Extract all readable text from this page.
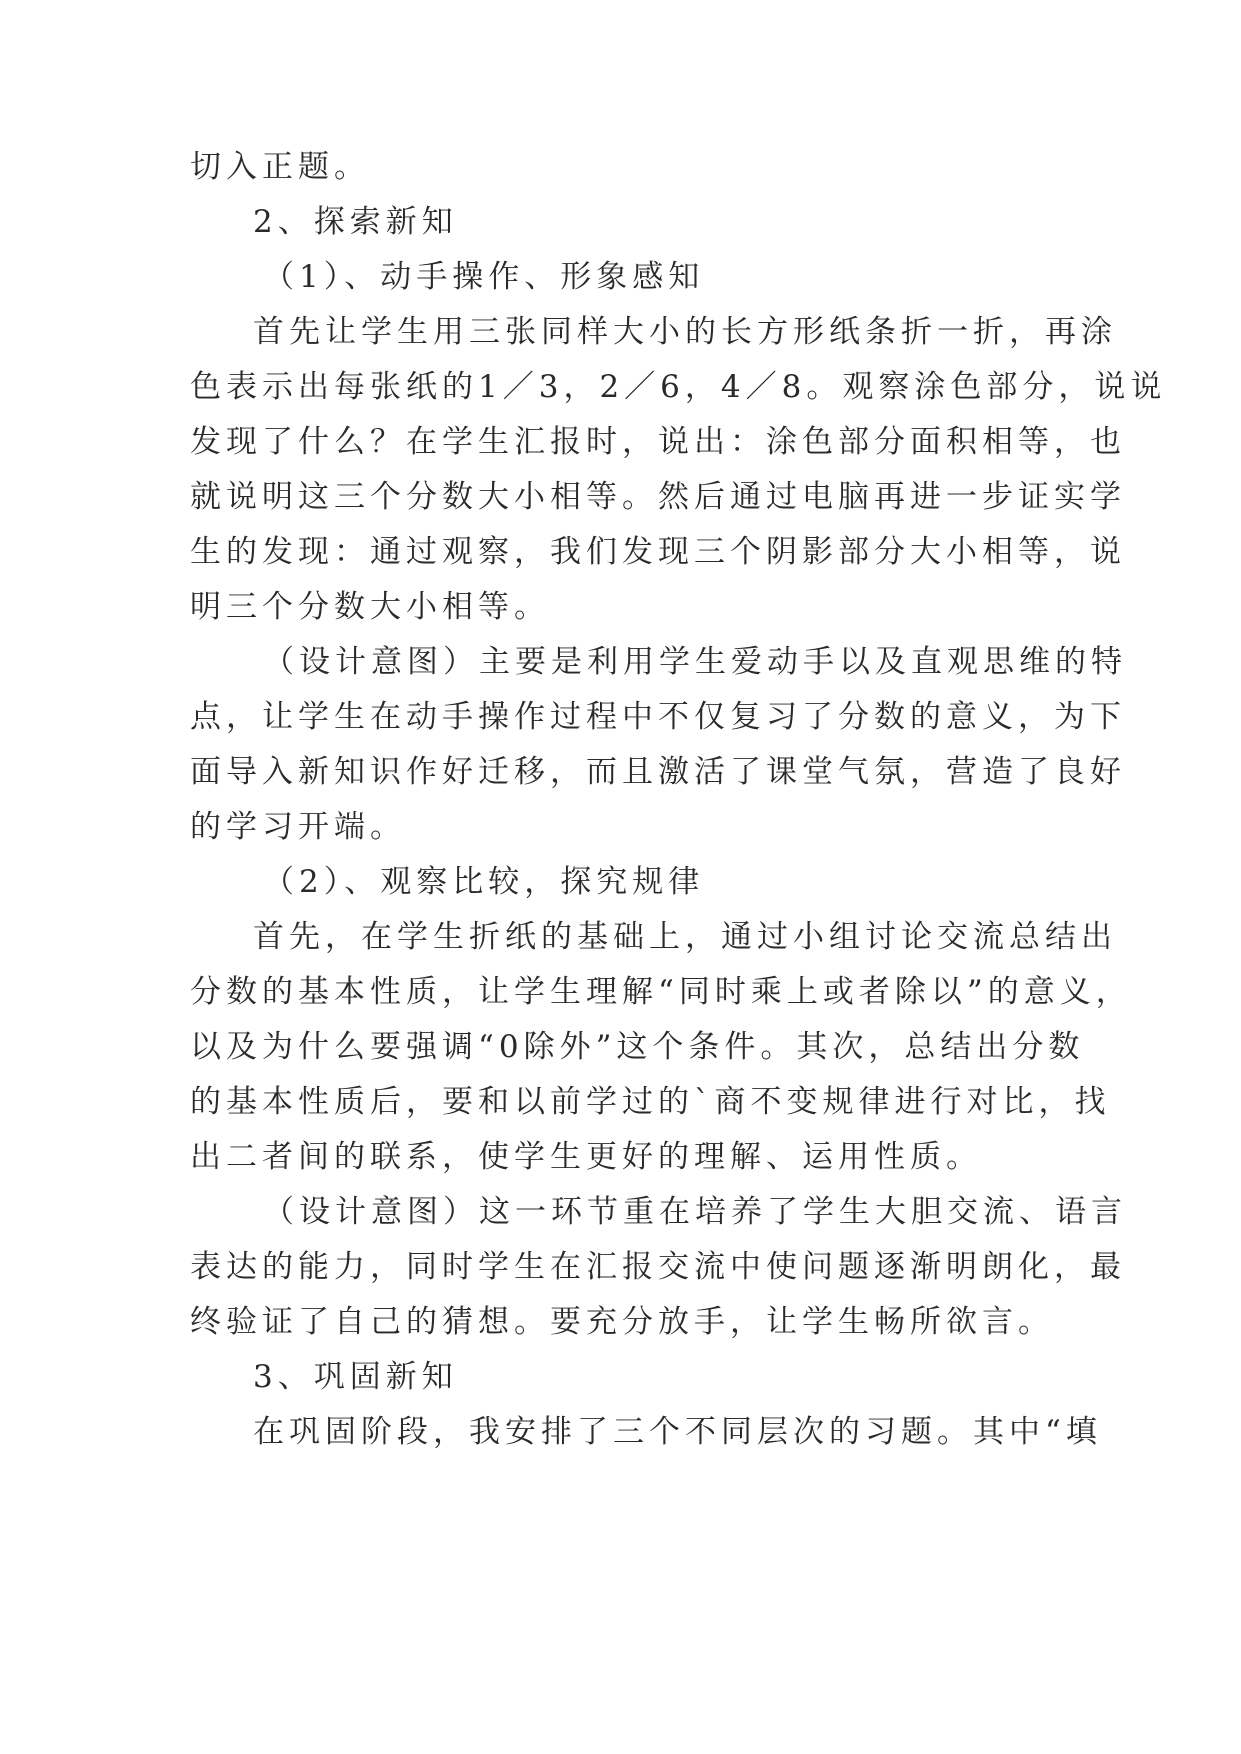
切入正题。
2、探索新知
（1）、动手操作、形象感知
首先让学生用三张同样大小的长方形纸条折一折，再涂
色表示出每张纸的1／3，2／6，4／8。观察涂色部分，说说
发现了什么？在学生汇报时，说出：涂色部分面积相等，也
就说明这三个分数大小相等。然后通过电脑再进一步证实学
生的发现：通过观察，我们发现三个阴影部分大小相等，说
明三个分数大小相等。
（设计意图）主要是利用学生爱动手以及直观思维的特
点，让学生在动手操作过程中不仅复习了分数的意义，为下
面导入新知识作好迁移，而且激活了课堂气氛，营造了良好
的学习开端。
（2）、观察比较，探究规律
首先，在学生折纸的基础上，通过小组讨论交流总结出
分数的基本性质，让学生理解“同时乘上或者除以”的意义，
以及为什么要强调“0除外”这个条件。其次，总结出分数
的基本性质后，要和以前学过的`商不变规律进行对比，找
出二者间的联系，使学生更好的理解、运用性质。
（设计意图）这一环节重在培养了学生大胆交流、语言
表达的能力，同时学生在汇报交流中使问题逐渐明朗化，最
终验证了自己的猜想。要充分放手，让学生畅所欲言。
3、巩固新知
在巩固阶段，我安排了三个不同层次的习题。其中“填
